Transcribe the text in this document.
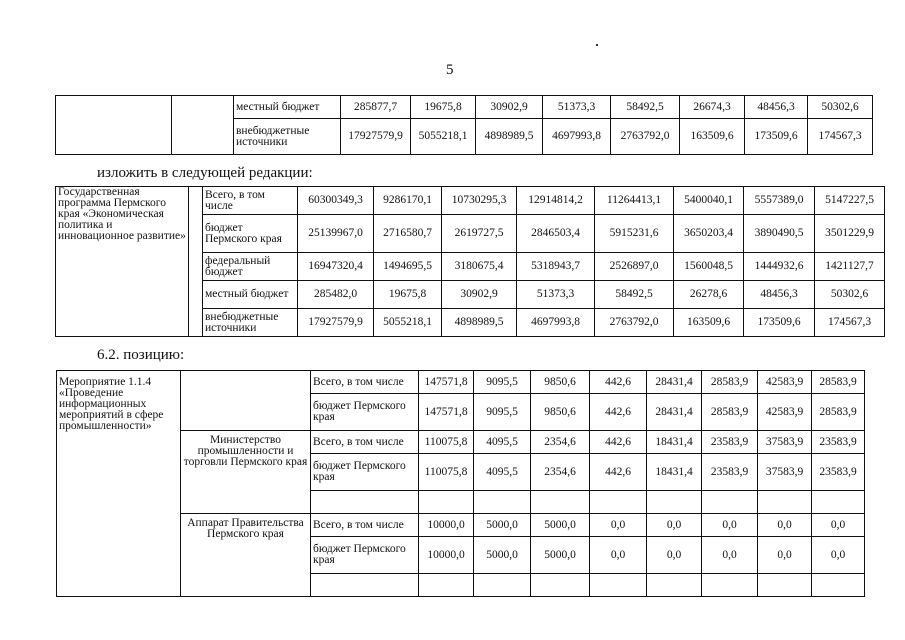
5
		местный бюджет	285877,7	19675,8	30902,9	51373,3	58492,5	26674,3	48456,3	50302,6
		внебюджетные источники	17927579,9	5055218,1	4898989,5	4697993,8	2763792,0	163509,6	173509,6	174567,3
изложить в следующей редакции:
Государственная программа Пермского края «Экономическая политика и инновационное развитие»		Всего, в том числе	60300349,3	9286170,1	10730295,3	12914814,2	11264413,1	5400040,1	5557389,0	5147227,5
		бюджет Пермского края	25139967,0	2716580,7	2619727,5	2846503,4	5915231,6	3650203,4	3890490,5	3501229,9
		федеральный бюджет	16947320,4	1494695,5	3180675,4	5318943,7	2526897,0	1560048,5	1444932,6	1421127,7
		местный бюджет	285482,0	19675,8	30902,9	51373,3	58492,5	26278,6	48456,3	50302,6
		внебюджетные источники	17927579,9	5055218,1	4898989,5	4697993,8	2763792,0	163509,6	173509,6	174567,3
6.2. позицию:
Мероприятие 1.1.4 «Проведение информационных мероприятий в сфере промышленности»		Всего, в том числе	147571,8	9095,5	9850,6	442,6	28431,4	28583,9	42583,9	28583,9
		бюджет Пермского края	147571,8	9095,5	9850,6	442,6	28431,4	28583,9	42583,9	28583,9
	Министерство промышленности и торговли Пермского края	Всего, в том числе	110075,8	4095,5	2354,6	442,6	18431,4	23583,9	37583,9	23583,9
		бюджет Пермского края	110075,8	4095,5	2354,6	442,6	18431,4	23583,9	37583,9	23583,9

	Аппарат Правительства Пермского края	Всего, в том числе	10000,0	5000,0	5000,0	0,0	0,0	0,0	0,0	0,0
		бюджет Пермского края	10000,0	5000,0	5000,0	0,0	0,0	0,0	0,0	0,0
